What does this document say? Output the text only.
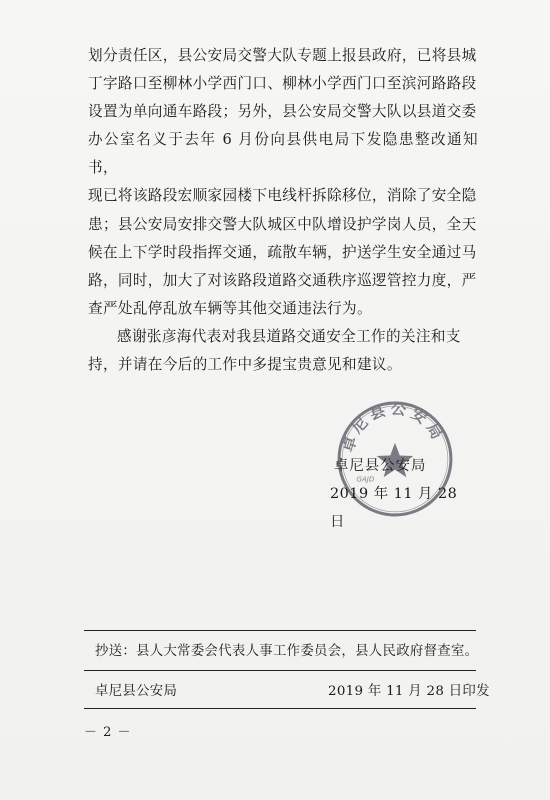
划分责任区，县公安局交警大队专题上报县政府，已将县城
丁字路口至柳林小学西门口、柳林小学西门口至滨河路路段
设置为单向通车路段；另外，县公安局交警大队以县道交委
办公室名义于去年 6 月份向县供电局下发隐患整改通知书，
现已将该路段宏顺家园楼下电线杆拆除移位，消除了安全隐
患；县公安局安排交警大队城区中队增设护学岗人员，全天
候在上下学时段指挥交通，疏散车辆，护送学生安全通过马
路，同时，加大了对该路段道路交通秩序巡逻管控力度，严
查严处乱停乱放车辆等其他交通违法行为。

感谢张彦海代表对我县道路交通安全工作的关注和支
持，并请在今后的工作中多提宝贵意见和建议。

卓尼县公安局
GAJD
卓尼县公安局
2019 年 11 月 28 日
抄送：县人大常委会代表人事工作委员会，县人民政府督查室。
卓尼县公安局	2019 年 11 月 28 日印发
－ 2 －
